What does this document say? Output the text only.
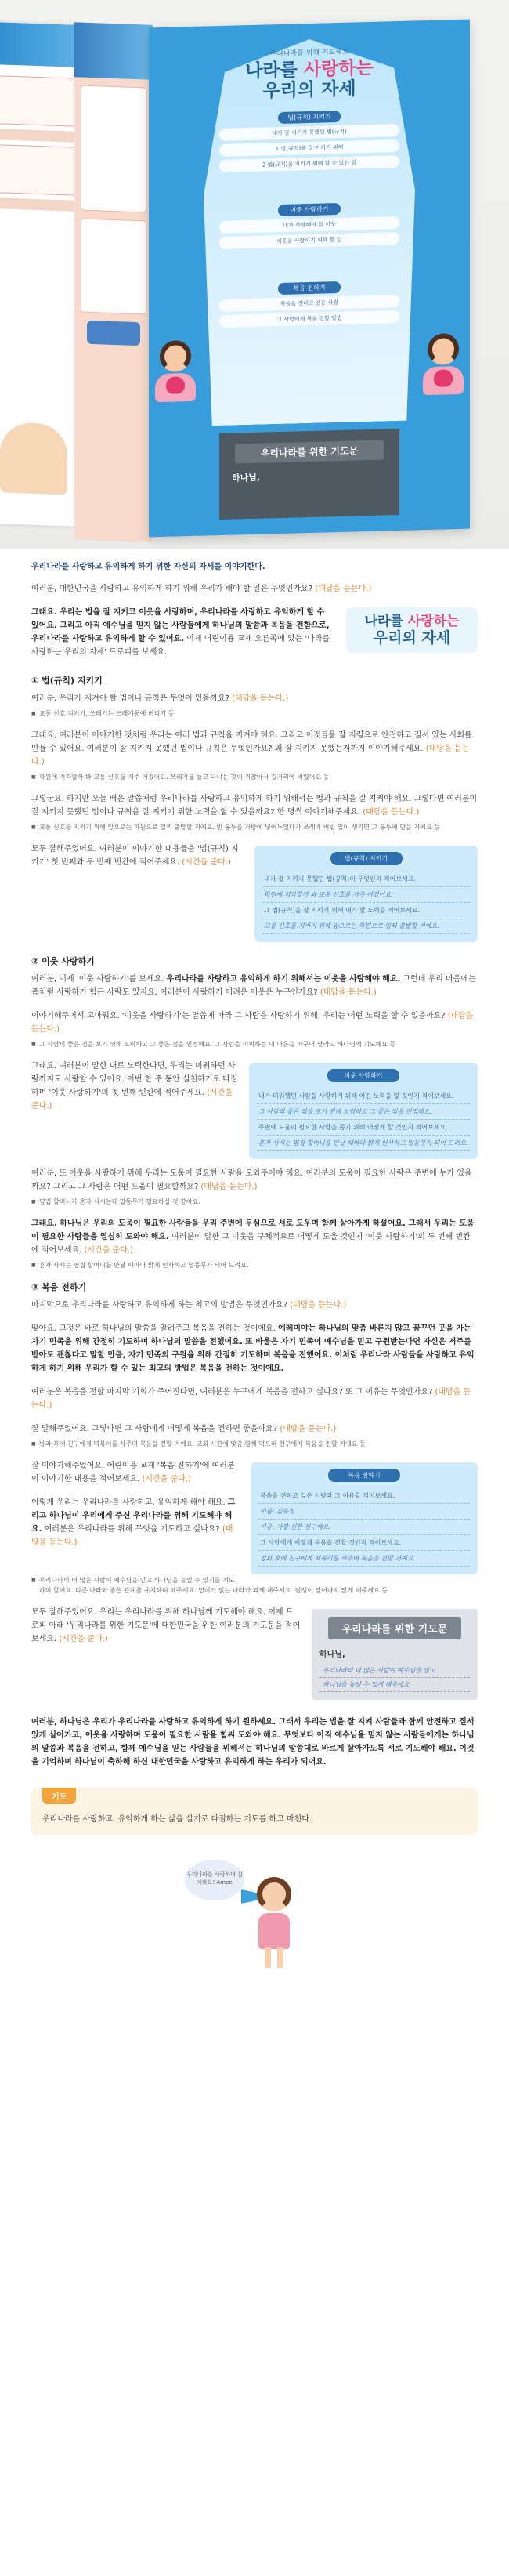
우리나라를 위해 기도해요
나라를 사랑하는
우리의 자세
법(규칙) 지키기
내가 잘 지키지 못했던 법(규칙)
1 법(규칙)을 잘 지키기 위해
2 법(규칙)을 지키기 위해 할 수 있는 일
이웃 사랑하기
내가 사랑해야 할 이웃
이웃을 사랑하기 위해 할 일
복음 전하기
복음을 전하고 싶은 사람
그 사람에게 복음 전할 방법
우리나라를 위한 기도문
하나님,
우리나라를 사랑하고 유익하게 하기 위한 자신의 자세를 이야기한다.

여러분, 대한민국을 사랑하고 유익하게 하기 위해 우리가 해야 할 일은 무엇인가요? (대답을 듣는다.)

나라를 사랑하는
우리의 자세

그래요. 우리는 법을 잘 지키고 이웃을 사랑하며, 우리나라를 사랑하고 유익하게 할 수 있어요. 그리고 아직 예수님을 믿지 않는 사람들에게 하나님의 말씀과 복음을 전함으로, 우리나라를 사랑하고 유익하게 할 수 있어요. 이제 어린이용 교재 오른쪽에 있는 '나라를 사랑하는 우리의 자세' 트로피를 보세요.

① 법(규칙) 지키기

여러분, 우리가 지켜야 할 법이나 규칙은 무엇이 있을까요? (대답을 듣는다.)

■ 교통 신호 지키기, 쓰레기는 쓰레기통에 버리기 등

그래요, 여러분이 이야기한 것처럼 우리는 여러 법과 규칙을 지켜야 해요. 그리고 이것들을 잘 지킬으로 안전하고 질서 있는 사회를 만들 수 있어요. 여러분이 잘 지키지 못했던 법이나 규칙은 무엇인가요? 왜 잘 지키지 못했는지까지 이야기해주세요. (대답을 듣는다.)

■ 학원에 지각할까 봐 교통 신호를 지주 어겼어요. 쓰레기를 들고 다니는 것이 귀찮아서 길거리에 버렸어요 등

그렇군요. 하지만 오늘 배운 말씀처럼 우리나라를 사랑하고 유익하게 하기 위해서는 법과 규칙을 잘 지켜야 해요. 그렇다면 여러분이 잘 지키지 못했던 법이나 규칙을 잘 지키기 위한 노력을 할 수 있을까요? 한 명씩 이야기해주세요. (대답을 듣는다.)

■ 교통 신호를 지키기 위해 앞으로는 학원으로 일찍 출발할 거예요. 빈 봉투를 가방에 넣어두었다가 쓰레기 버릴 일이 생기면 그 봉투에 담을 거예요 등
법(규칙) 지키기
내가 잘 지키지 못했던 법(규칙)이 무엇인지 적어보세요.
학원에 지각할까 봐 교통 신호를 자주 어겼어요.
그 법(규칙)을 잘 지키기 위해 내가 할 노력을 적어보세요.
교통 신호를 지키기 위해 앞으로는 학원으로 일찍 출발할 거예요.

모두 잘해주었어요. 여러분이 이야기한 내용들을 '법(규칙) 지키기' 첫 번째와 두 번째 빈칸에 적어주세요. (시간을 준다.)

② 이웃 사랑하기

여러분, 이제 '이웃 사랑하기'를 보세요. 우리나라를 사랑하고 유익하게 하기 위해서는 이웃을 사랑해야 해요. 그런데 우리 마음에는 좀처럼 사랑하기 힘든 사람도 있지요. 여러분이 사랑하기 어려운 이웃은 누구인가요? (대답을 듣는다.)

이야기해주어서 고마워요. '이웃을 사랑하기'는 말씀에 따라 그 사람을 사랑하기 위해, 우리는 어떤 노력을 할 수 있을까요? (대답을 듣는다.)

■ 그 사람의 좋은 점을 보기 위해 노력하고 그 좋은 점을 인정해요. 그 사람을 미워하는 내 마음을 바꾸어 달라고 하나님께 기도해요 등
이웃 사랑하기
내가 미워했던 사람을 사랑하기 위해 어떤 노력을 할 것인지 적어보세요.
그 사람의 좋은 점을 보기 위해 노력하고 그 좋은 점을 인정해요.
주변에 도움이 필요한 사람을 돕기 위해 어떻게 할 것인지 적어보세요.
혼자 사시는 옆집 할머니를 만날 때마다 밝게 인사하고 말동무가 되어 드려요.

그래요. 여러분이 말한 대로 노력한다면, 우리는 미워하던 사람까지도 사랑할 수 있어요. 이번 한 주 동안 실천하기로 다짐하며 '이웃 사랑하기'의 첫 번째 빈칸에 적어주세요. (시간을 준다.)

여러분, 또 이웃을 사랑하기 위해 우리는 도움이 필요한 사람을 도와주어야 해요. 여러분의 도움이 필요한 사람은 주변에 누가 있을까요? 그리고 그 사람은 어떤 도움이 필요할까요? (대답을 듣는다.)

■ 옆집 할머니가 혼자 사시는데 말동무가 필요하실 것 같아요.

그래요. 하나님은 우리의 도움이 필요한 사람들을 우리 주변에 두심으로 서로 도우며 함께 살아가게 하셨어요. 그래서 우리는 도움이 필요한 사람들을 열심히 도와야 해요. 여러분이 말한 그 이웃을 구체적으로 어떻게 도울 것인지 '이웃 사랑하기'의 두 번째 빈칸에 적어보세요. (시간을 준다.)

■ 혼자 사시는 옆집 할머니를 만날 때마다 밝게 인사하고 말동무가 되어 드려요.
③ 복음 전하기

마지막으로 우리나라를 사랑하고 유익하게 하는 최고의 방법은 무엇인가요? (대답을 듣는다.)

맞아요. 그것은 바로 하나님의 말씀을 알려주고 복음을 전하는 것이에요. 예레미야는 하나님의 맞춤 바른지 않고 꿈꾸던 곳을 가는 자기 민족을 위해 간절히 기도하며 하나님의 말씀을 전했어요. 또 바울은 자기 민족이 예수님을 믿고 구원받는다면 자신은 저주를 받아도 괜찮다고 말할 만큼, 자기 민족의 구원을 위해 간절히 기도하며 복음을 전했어요. 이처럼 우리나라 사람들을 사랑하고 유익하게 하기 위해 우리가 할 수 있는 최고의 방법은 복음을 전하는 것이에요.

여러분은 복음을 전할 마지막 기회가 주어진다면, 여러분은 누구에게 복음을 전하고 싶나요? 또 그 이유는 무엇인가요? (대답을 듣는다.)

잘 말해주었어요. 그렇다면 그 사람에게 어떻게 복음을 전하면 좋을까요? (대답을 듣는다.)

■ 방과 후에 친구에게 떡볶이를 사주며 복음을 전할 거예요. 교회 시간에 맞춤 함께 먹으러 친구에게 복음을 전할 거예요 등
복음 전하기
복음을 전하고 싶은 사람과 그 이유를 적어보세요.
이름: 김유정
이유: 가장 친한 친구예요.
그 사람에게 어떻게 복음을 전할 것인지 적어보세요.
방과 후에 친구에게 떡볶이를 사주며 복음을 전할 거예요.

잘 이야기해주었어요. 어린이용 교재 '복음 전하기'에 여러분이 이야기한 내용을 적어보세요. (시간을 준다.)

이렇게 우리는 우리나라를 사랑하고, 유익하게 해야 해요. 그리고 하나님이 우리에게 주신 우리나라를 위해 기도해야 해요. 여러분은 우리나라를 위해 무엇을 기도하고 싶나요? (대답을 듣는다.)

■ 우리나라의 더 많은 사람이 예수님을 믿고 하나님을 높일 수 있기를 기도하며 할어요. 다른 나라와 좋은 관계를 유지하며 해주세요. 법이가 없는 나라가 되게 해주세요. 전쟁이 일어나지 않게 해주세요 등
우리나라를 위한 기도문
하나님,
우리나라의 더 많은 사람이 예수님을 믿고
하나님을 높일 수 있게 해주세요.

모두 잘해주었어요. 우리는 우리나라를 위해 하나님께 기도해야 해요. 이제 트로피 아래 '우리나라를 위한 기도문'에 대한민국을 위한 여러분의 기도문을 적어보세요. (시간을 준다.)

여러분, 하나님은 우리가 우리나라를 사랑하고 유익하게 하기 원하세요. 그래서 우리는 법을 잘 지켜 사람들과 함께 안전하고 질서 있게 살아가고, 이웃을 사랑하며 도움이 필요한 사람을 힘써 도와야 해요. 무엇보다 아직 예수님을 믿지 않는 사람들에게는 하나님의 말씀과 복음을 전하고, 함께 예수님을 믿는 사람들을 위해서는 하나님의 말씀대로 바르게 살아가도록 서로 기도해야 해요. 이것을 기억하며 하나님이 축하해 하신 대한민국을 사랑하고 유익하게 하는 우리가 되어요.
기도
우리나라를 사랑하고, 유익하게 하는 삶을 살기로 다짐하는 기도를 하고 마친다.
우리나라를 사랑하며 살아봐요! Amen
